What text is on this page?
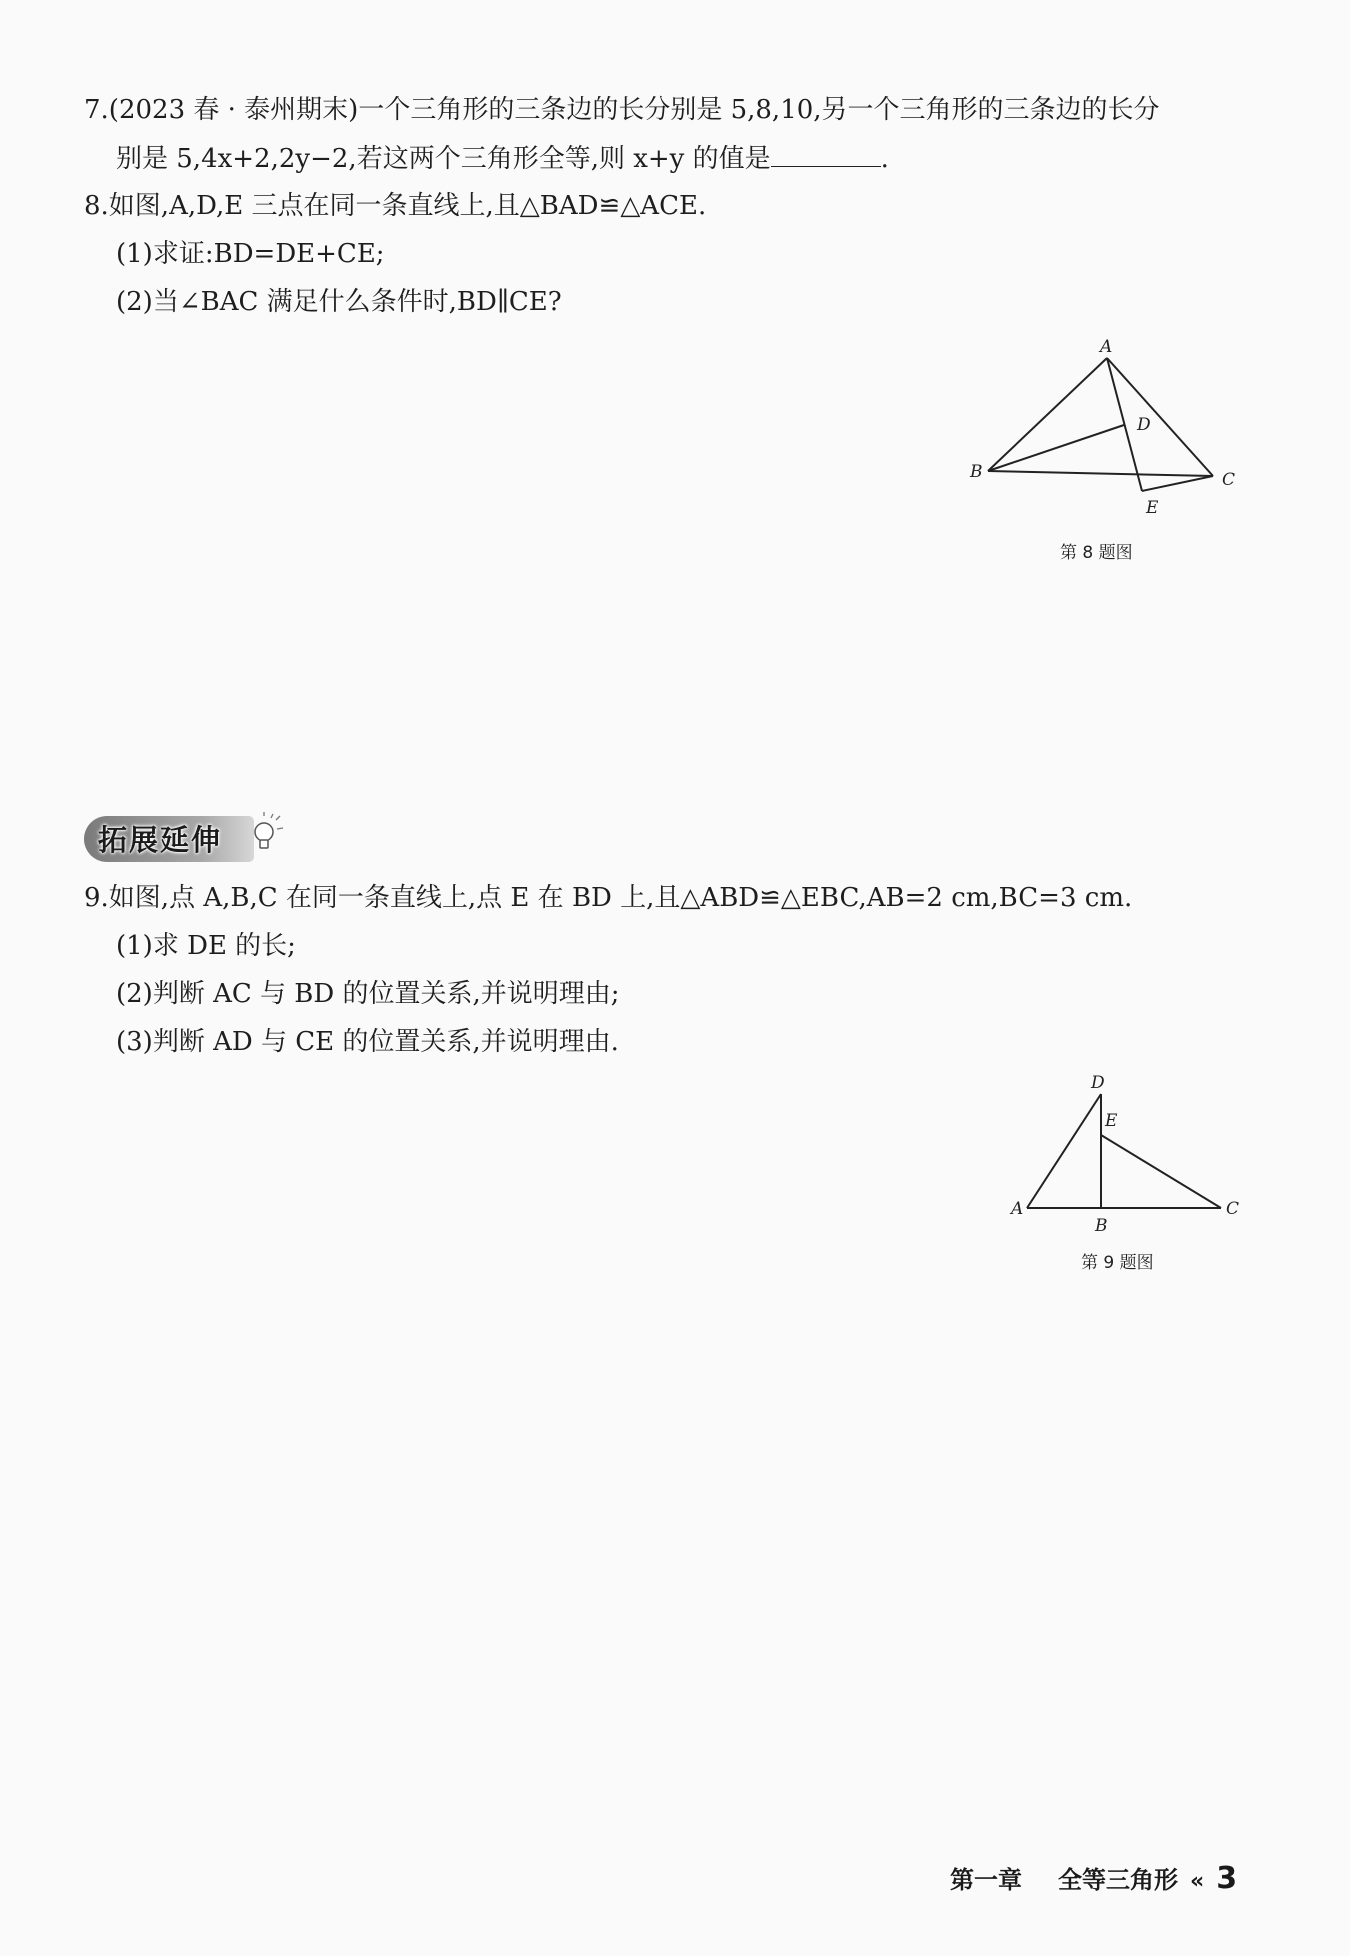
7.(2023 春 · 泰州期末)一个三角形的三条边的长分别是 5,8,10,另一个三角形的三条边的长分
别是 5,4x+2,2y−2,若这两个三角形全等,则 x+y 的值是	.
8.如图,A,D,E 三点在同一条直线上,且△BAD≌△ACE.
(1)求证:BD=DE+CE;
(2)当∠BAC 满足什么条件时,BD∥CE?
A
B	C
D
E
第 8 题图
拓展延伸
9.如图,点 A,B,C 在同一条直线上,点 E 在 BD 上,且△ABD≌△EBC,AB=2 cm,BC=3 cm.
(1)求 DE 的长;
(2)判断 AC 与 BD 的位置关系,并说明理由;
(3)判断 AD 与 CE 的位置关系,并说明理由.
D
E
A
B
C
第 9 题图
第一章 全等三角形 « 3
